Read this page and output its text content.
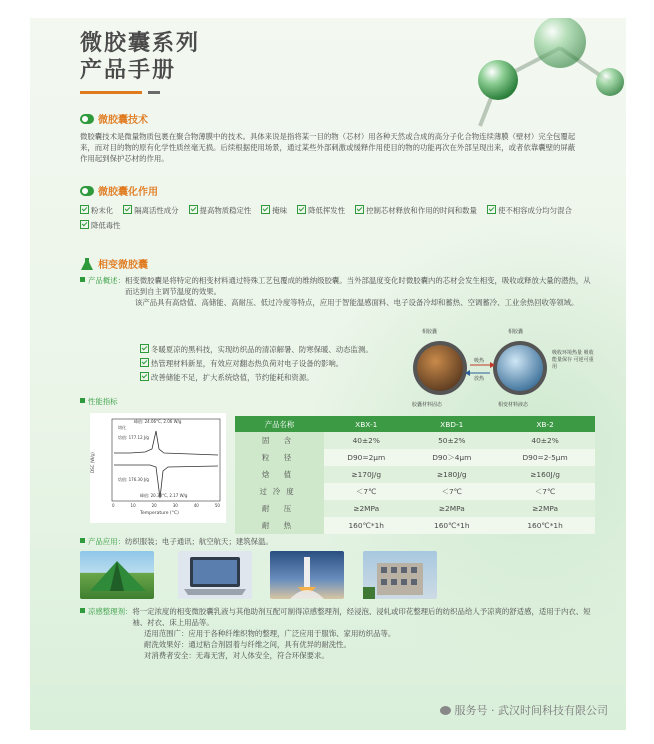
微胶囊系列
产品手册
微胶囊技术
微胶囊技术是微量物质包裹在聚合物薄膜中的技术。具体来说是指将某一目的物（芯材）用各种天然或合成的高分子化合物连续薄膜（壁材）完全包覆起来，而对目的物的原有化学性质丝毫无损。后续根据使用场景，通过某些外部刺激或缓释作用使目的物的功能再次在外部呈现出来，或者依靠囊壁的屏蔽作用起到保护芯材的作用。
微胶囊化作用
粉末化	隔离活性成分	提高物质稳定性	掩味	降低挥发性	控制芯材释放和作用的时间和数量	使不相容成分均匀混合
降低毒性
相变微胶囊
产品概述： 相变微胶囊是将特定的相变材料通过特殊工艺包覆成的维纳级胶囊。当外部温度变化时微胶囊内的芯材会发生相变，吸收或释放大量的潜热，从而达到自主调节温度的效果。
该产品具有高焓值、高储能、高耐压、低过冷度等特点，应用于智能温感面料、电子设备冷却和蓄热、空调蓄冷、工业余热回收等领域。
冬暖夏凉的黑科技，实现纺织品的清凉解暑、防寒保暖、动态监测。
热管理材料新星，有效应对翻态热负荷对电子设备的影响。
改善储能不足，扩大系统焓值，节约能耗和资源。
相胶囊	相胶囊
吸热
放热
胶囊材料固态	相变材料液态
吸收环境热量 吸收能量保存 可逆可重用
性能指标
峰值: 24.06°C, 2.06 W/g
焓值: 177.12 J/g
焓值: 176.30 J/g
峰值: 20.38°C, 2.17 W/g
熔化
DSC (W/g)
0	10	20	30	40	50
Temperature (°C)
产品名称	XBX-1	XBD-1	XB-2
固 含	40±2%	50±2%	40±2%
粒 径	D90=2μm	D90＞4μm	D90=2-5μm
焓 值	≥170J/g	≥180J/g	≥160J/g
过冷度	＜7℃	＜7℃	＜7℃
耐 压	≥2MPa	≥2MPa	≥2MPa
耐 热	160℃*1h	160℃*1h	160℃*1h
产品应用：纺织服装；电子通讯；航空航天；建筑保温。
凉感整理剂： 将一定浓度的相变微胶囊乳液与其他助剂互配可制得凉感整理剂，经浸泡、浸轧或印花整理后的纺织品给人予凉爽的舒适感，适用于内衣、短袖、衬衣、床上用品等。
适用范围广：应用于各种纤维织物的整理，广泛应用于服饰、家用纺织品等。
耐洗效果好：通过粘合剂固着与纤维之间，具有优异的耐洗性。
对消费者安全：无毒无害，对人体安全，符合环保要求。
服务号 · 武汉时间科技有限公司
